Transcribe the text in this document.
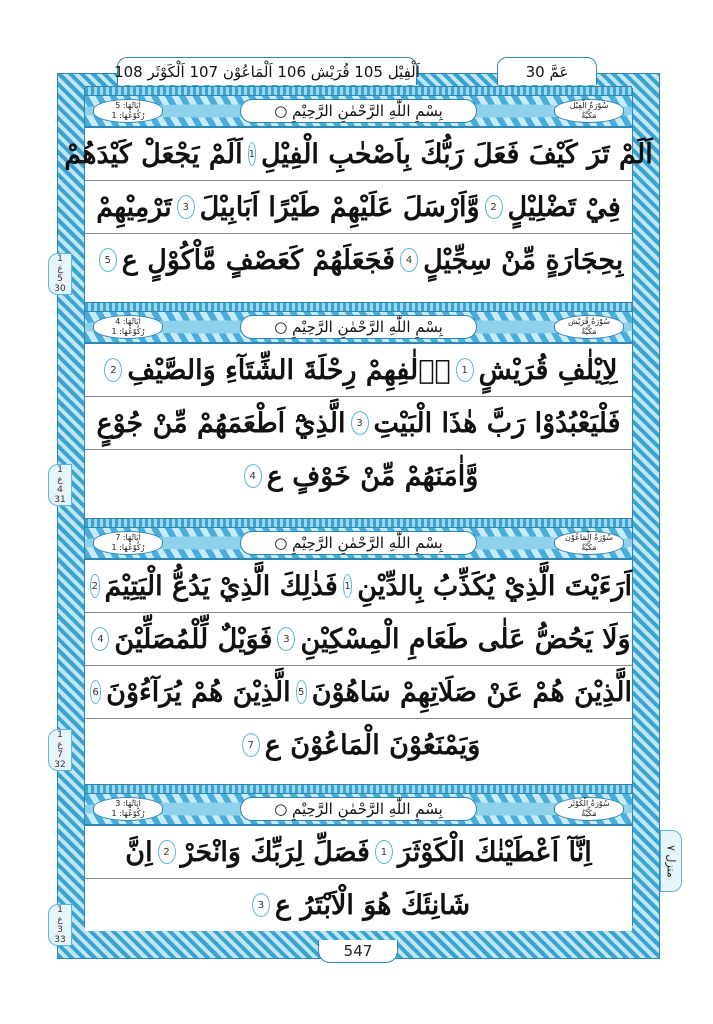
اَلْفِيْل 105 قُرَيْش 106 اَلْمَاعُوْن 107 اَلْكَوْثَر 108	عَمَّ 30
اٰيَاتُهَا: 5
رُكُوْعُهَا: 1	بِسْمِ اللّٰهِ الرَّحْمٰنِ الرَّحِيْمِ ○	سُوْرَةُ الْفِيْل
مَكِّيَّةٌ
اَلَمْ تَرَ كَيْفَ فَعَلَ رَبُّكَ بِاَصْحٰبِ الْفِيْلِ
1
اَلَمْ يَجْعَلْ كَيْدَهُمْ
فِيْ تَضْلِيْلٍ
2
وَّاَرْسَلَ عَلَيْهِمْ طَيْرًا اَبَابِيْلَ
3
تَرْمِيْهِمْ
بِحِجَارَةٍ مِّنْ سِجِّيْلٍ
4
فَجَعَلَهُمْ كَعَصْفٍ مَّاْكُوْلٍ ع
5
1
ع
5
30
اٰيَاتُهَا: 4
رُكُوْعُهَا: 1	بِسْمِ اللّٰهِ الرَّحْمٰنِ الرَّحِيْمِ ○	سُوْرَةُ قُرَيْش
مَكِّيَّةٌ
لِاِيْلٰفِ قُرَيْشٍ
1
اٖلٰفِهِمْ رِحْلَةَ الشِّتَآءِ وَالصَّيْفِ
2
فَلْيَعْبُدُوْا رَبَّ هٰذَا الْبَيْتِ
3
الَّذِيْٓ اَطْعَمَهُمْ مِّنْ جُوْعٍ
وَّاٰمَنَهُمْ مِّنْ خَوْفٍ ع
4
1
ع
4
31
اٰيَاتُهَا: 7
رُكُوْعُهَا: 1	بِسْمِ اللّٰهِ الرَّحْمٰنِ الرَّحِيْمِ ○	سُوْرَةُ الْمَاعُوْن
مَكِّيَّةٌ
اَرَءَيْتَ الَّذِيْ يُكَذِّبُ بِالدِّيْنِ
1
فَذٰلِكَ الَّذِيْ يَدُعُّ الْيَتِيْمَ
2
وَلَا يَحُضُّ عَلٰى طَعَامِ الْمِسْكِيْنِ
3
فَوَيْلٌ لِّلْمُصَلِّيْنَ
4
الَّذِيْنَ هُمْ عَنْ صَلَاتِهِمْ سَاهُوْنَ
5
الَّذِيْنَ هُمْ يُرَآءُوْنَ
6
وَيَمْنَعُوْنَ الْمَاعُوْنَ ع
7
1
ع
7
32
اٰيَاتُهَا: 3
رُكُوْعُهَا: 1	بِسْمِ اللّٰهِ الرَّحْمٰنِ الرَّحِيْمِ ○	سُوْرَةُ الْكَوْثَر
مَكِّيَّةٌ
اِنَّآ اَعْطَيْنٰكَ الْكَوْثَرَ
1
فَصَلِّ لِرَبِّكَ وَانْحَرْ
2
اِنَّ
شَانِئَكَ هُوَ الْاَبْتَرُ ع
3
1
ع
3
33
منزل ٧
547
